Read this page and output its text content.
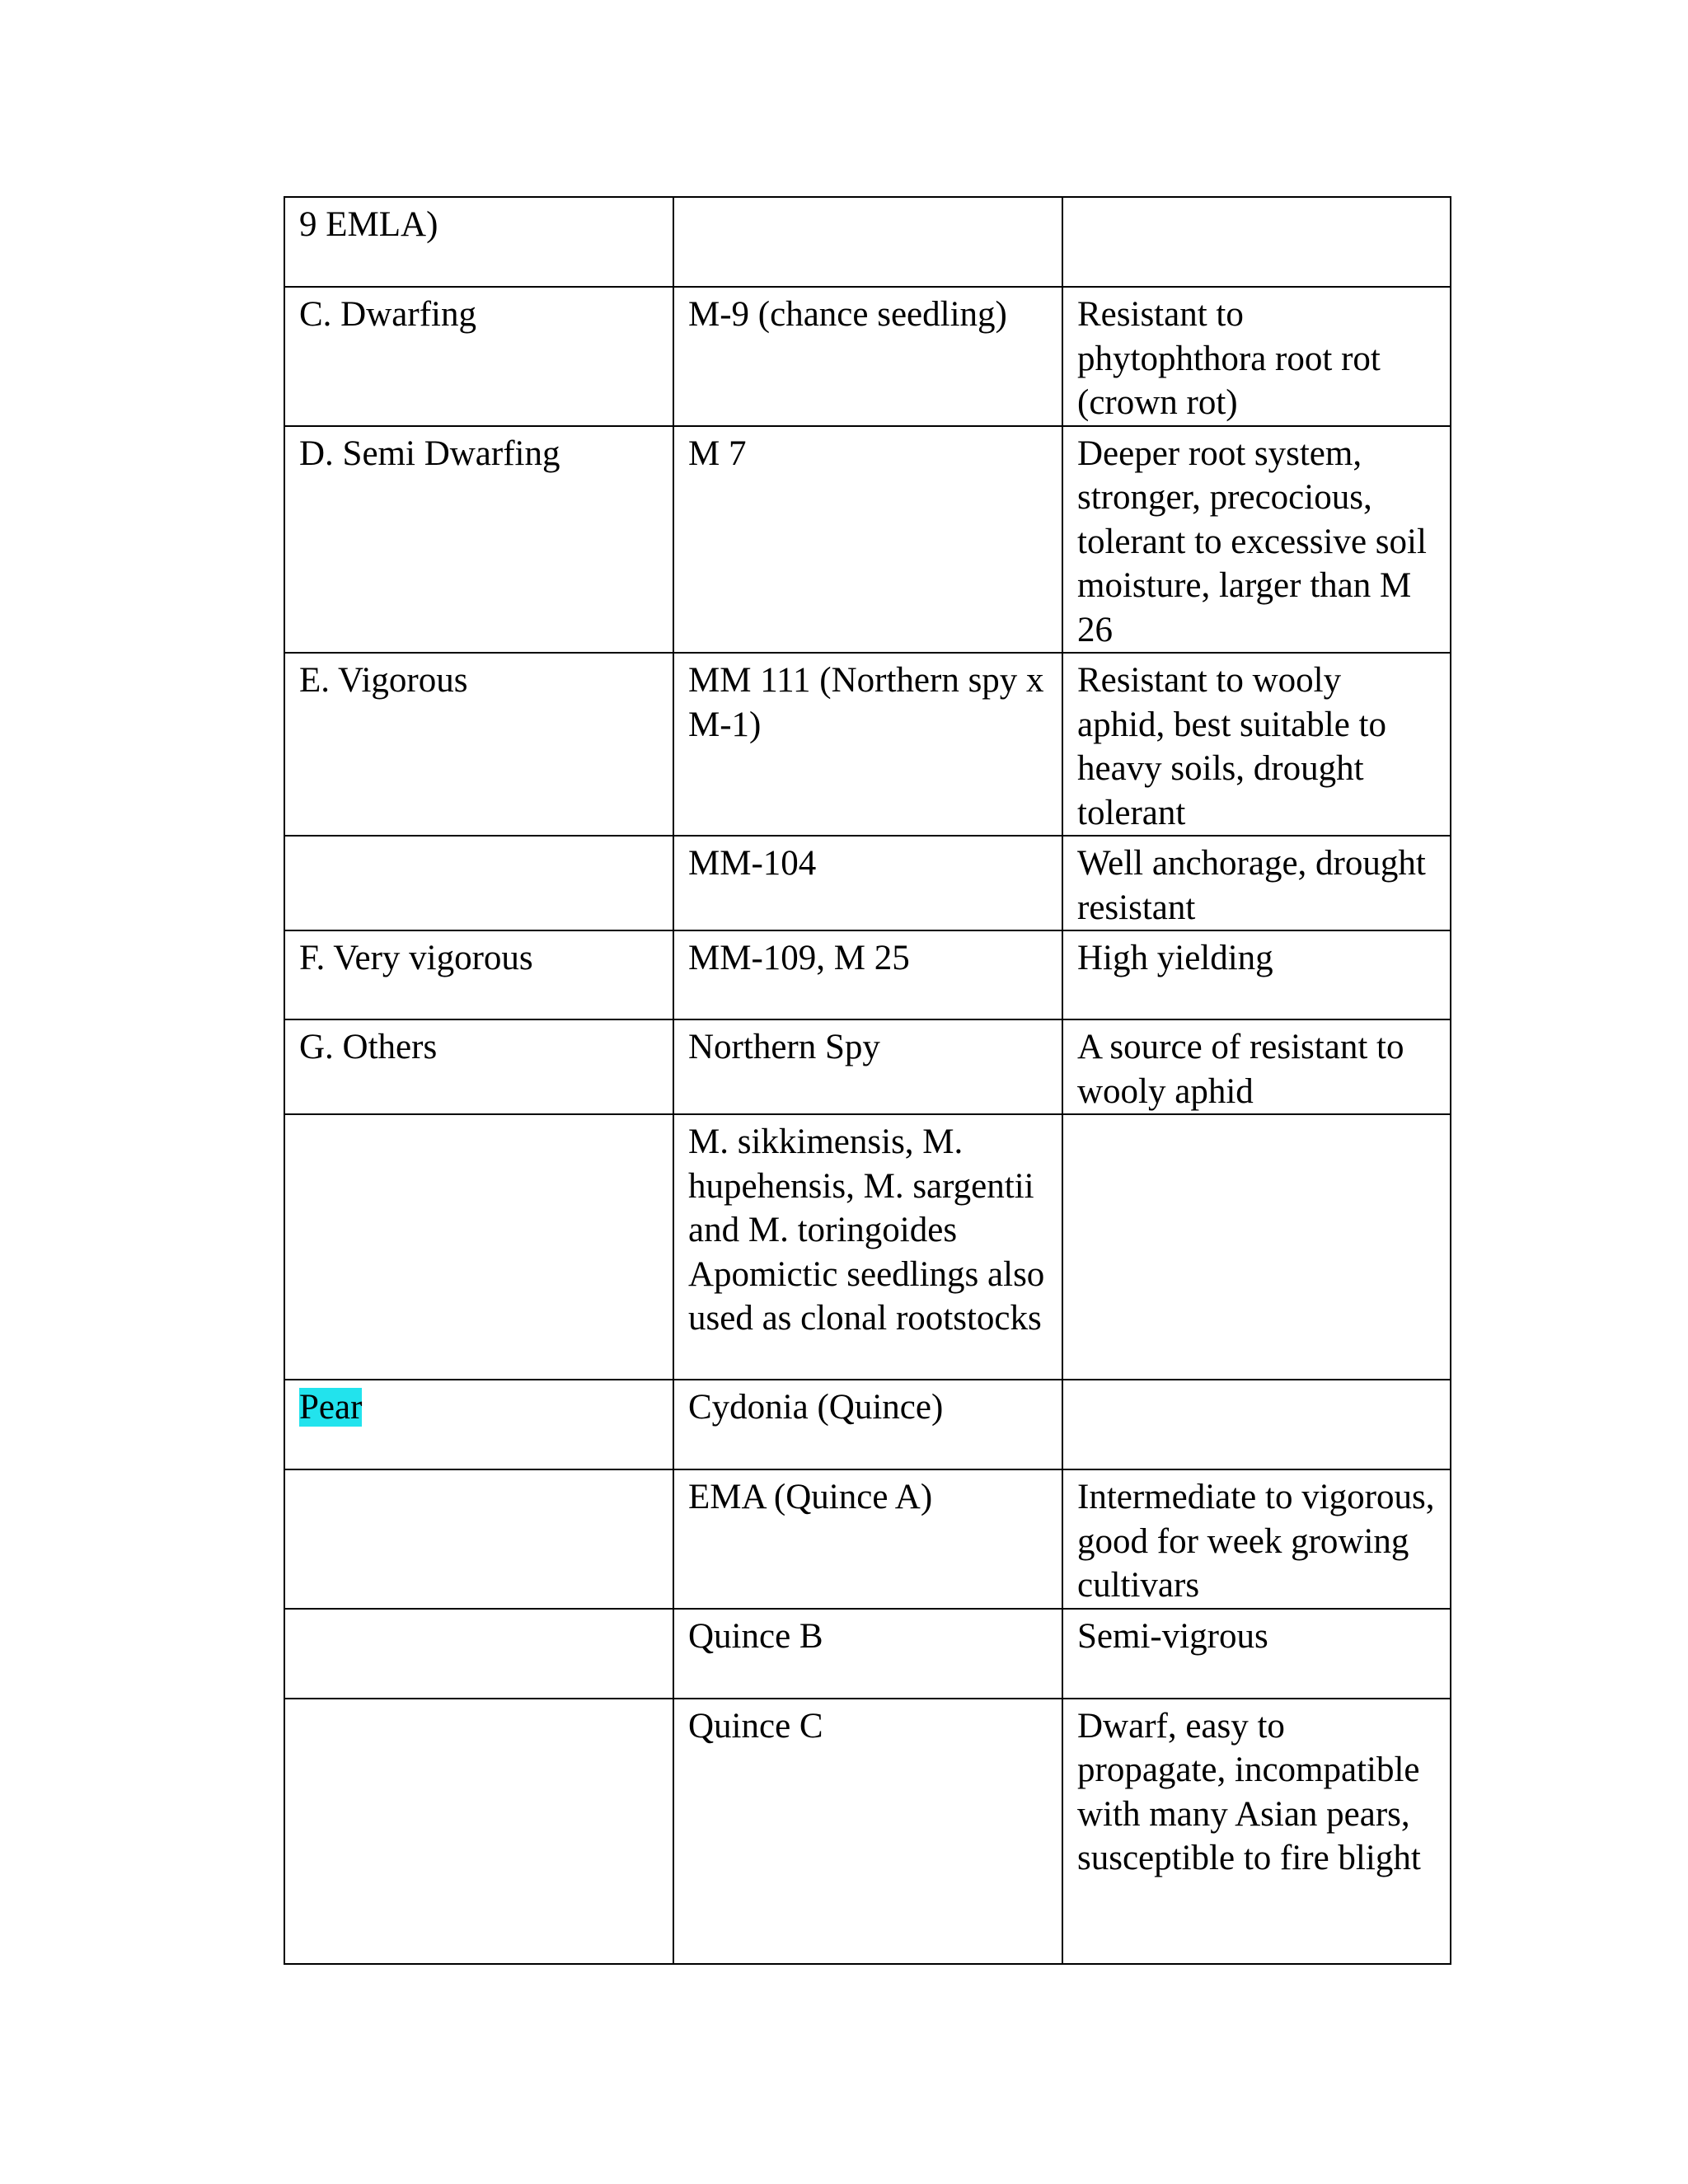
9 EMLA)		

C. Dwarfing	M-9 (chance seedling)	Resistant to phytophthora root rot (crown rot)

D. Semi Dwarfing	M 7	Deeper root system, stronger, precocious, tolerant to excessive soil moisture, larger than M 26

E. Vigorous	MM 111 (Northern spy x M-1)	Resistant to wooly aphid, best suitable to heavy soils, drought tolerant

	MM-104	Well anchorage, drought resistant

F. Very vigorous	MM-109, M 25	High yielding

G. Others	Northern Spy	A source of resistant to wooly aphid

	M. sikkimensis, M. hupehensis, M. sargentii and M. toringoides Apomictic seedlings also used as clonal rootstocks	

Pear	Cydonia (Quince)	

	EMA (Quince A)	Intermediate to vigorous, good for week growing cultivars

	Quince B	Semi-vigrous

	Quince C	Dwarf, easy to propagate, incompatible with many Asian pears, susceptible to fire blight
